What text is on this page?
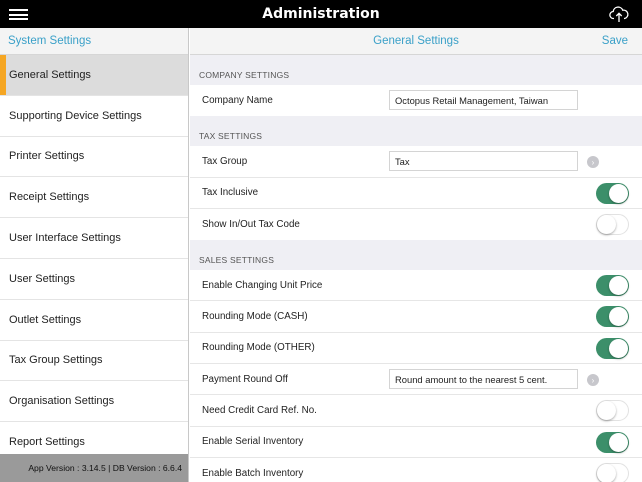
Administration
System Settings
General Settings
Supporting Device Settings
Printer Settings
Receipt Settings
User Interface Settings
User Settings
Outlet Settings
Tax Group Settings
Organisation Settings
Report Settings
App Version : 3.14.5 | DB Version : 6.6.4
General Settings	Save
COMPANY SETTINGS
Company Name	Octopus Retail Management, Taiwan
TAX SETTINGS
Tax Group	Tax	›
Tax Inclusive
Show In/Out Tax Code
SALES SETTINGS
Enable Changing Unit Price
Rounding Mode (CASH)
Rounding Mode (OTHER)
Payment Round Off	Round amount to the nearest 5 cent.	›
Need Credit Card Ref. No.
Enable Serial Inventory
Enable Batch Inventory
